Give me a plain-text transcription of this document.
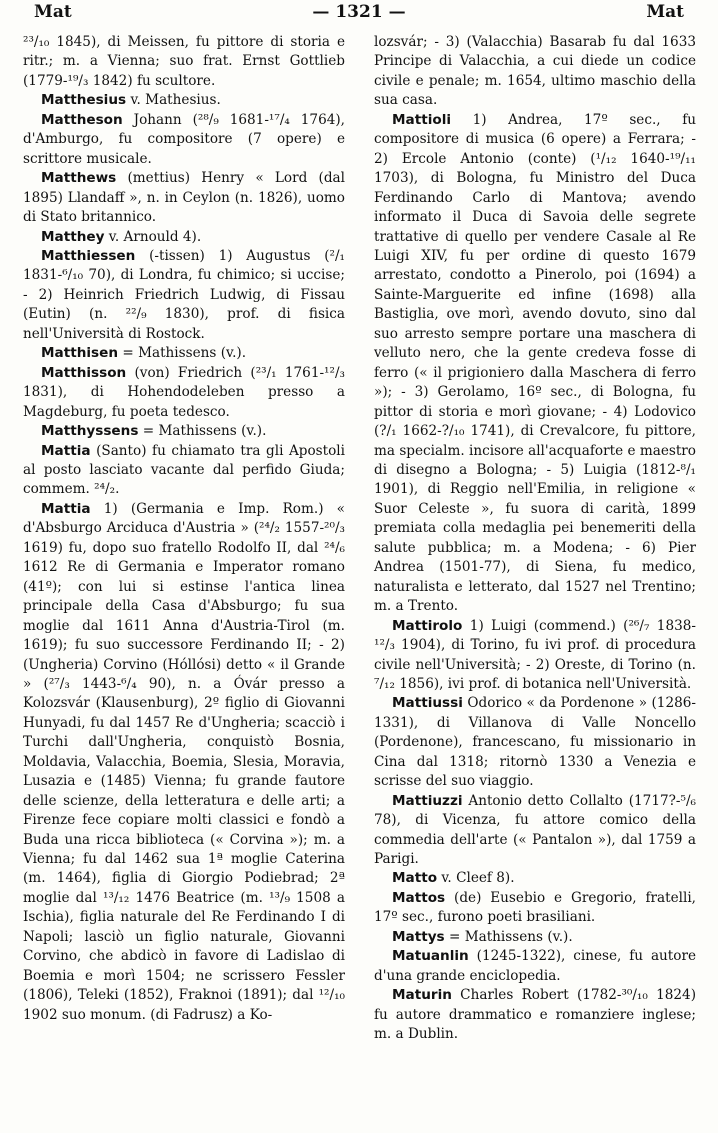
Mat	— 1321 —	Mat

²³/₁₀ 1845), di Meissen, fu pittore di storia e ritr.; m. a Vienna; suo frat. Ernst Gottlieb (1779-¹⁹/₃ 1842) fu scultore.

Matthesius v. Mathesius.

Mattheson Johann (²⁸/₉ 1681-¹⁷/₄ 1764), d'Amburgo, fu compositore (7 opere) e scrittore musicale.

Matthews (mettius) Henry « Lord (dal 1895) Llandaff », n. in Ceylon (n. 1826), uomo di Stato britannico.

Matthey v. Arnould 4).

Matthiessen (-tissen) 1) Augustus (²/₁ 1831-⁶/₁₀ 70), di Londra, fu chimico; si uccise; - 2) Heinrich Friedrich Ludwig, di Fissau (Eutin) (n. ²²/₉ 1830), prof. di fisica nell'Università di Rostock.

Matthisen = Mathissens (v.).

Matthisson (von) Friedrich (²³/₁ 1761-¹²/₃ 1831), di Hohendodeleben presso a Magdeburg, fu poeta tedesco.

Matthyssens = Mathissens (v.).

Mattia (Santo) fu chiamato tra gli Apostoli al posto lasciato vacante dal perfido Giuda; commem. ²⁴/₂.

Mattia 1) (Germania e Imp. Rom.) « d'Absburgo Arciduca d'Austria » (²⁴/₂ 1557-²⁰/₃ 1619) fu, dopo suo fratello Rodolfo II, dal ²⁴/₆ 1612 Re di Germania e Imperator romano (41º); con lui si estinse l'antica linea principale della Casa d'Absburgo; fu sua moglie dal 1611 Anna d'Austria-Tirol (m. 1619); fu suo successore Ferdinando II; - 2) (Ungheria) Corvino (Hóllósi) detto « il Grande » (²⁷/₃ 1443-⁶/₄ 90), n. a Óvár presso a Kolozsvár (Klausenburg), 2º figlio di Giovanni Hunyadi, fu dal 1457 Re d'Ungheria; scacciò i Turchi dall'Ungheria, conquistò Bosnia, Moldavia, Valacchia, Boemia, Slesia, Moravia, Lusazia e (1485) Vienna; fu grande fautore delle scienze, della letteratura e delle arti; a Firenze fece copiare molti classici e fondò a Buda una ricca biblioteca (« Corvina »); m. a Vienna; fu dal 1462 sua 1ª moglie Caterina (m. 1464), figlia di Giorgio Podiebrad; 2ª moglie dal ¹³/₁₂ 1476 Beatrice (m. ¹³/₉ 1508 a Ischia), figlia naturale del Re Ferdinando I di Napoli; lasciò un figlio naturale, Giovanni Corvino, che abdicò in favore di Ladislao di Boemia e morì 1504; ne scrissero Fessler (1806), Teleki (1852), Fraknoi (1891); dal ¹²/₁₀ 1902 suo monum. (di Fadrusz) a Ko-

lozsvár; - 3) (Valacchia) Basarab fu dal 1633 Principe di Valacchia, a cui diede un codice civile e penale; m. 1654, ultimo maschio della sua casa.

Mattioli 1) Andrea, 17º sec., fu compositore di musica (6 opere) a Ferrara; - 2) Ercole Antonio (conte) (¹/₁₂ 1640-¹⁹/₁₁ 1703), di Bologna, fu Ministro del Duca Ferdinando Carlo di Mantova; avendo informato il Duca di Savoia delle segrete trattative di quello per vendere Casale al Re Luigi XIV, fu per ordine di questo 1679 arrestato, condotto a Pinerolo, poi (1694) a Sainte-Marguerite ed infine (1698) alla Bastiglia, ove morì, avendo dovuto, sino dal suo arresto sempre portare una maschera di velluto nero, che la gente credeva fosse di ferro (« il prigioniero dalla Maschera di ferro »); - 3) Gerolamo, 16º sec., di Bologna, fu pittor di storia e morì giovane; - 4) Lodovico (?/₁ 1662-?/₁₀ 1741), di Crevalcore, fu pittore, ma specialm. incisore all'acquaforte e maestro di disegno a Bologna; - 5) Luigia (1812-⁸/₁ 1901), di Reggio nell'Emilia, in religione « Suor Celeste », fu suora di carità, 1899 premiata colla medaglia pei benemeriti della salute pubblica; m. a Modena; - 6) Pier Andrea (1501-77), di Siena, fu medico, naturalista e letterato, dal 1527 nel Trentino; m. a Trento.

Mattirolo 1) Luigi (commend.) (²⁶/₇ 1838-¹²/₃ 1904), di Torino, fu ivi prof. di procedura civile nell'Università; - 2) Oreste, di Torino (n. ⁷/₁₂ 1856), ivi prof. di botanica nell'Università.

Mattiussi Odorico « da Pordenone » (1286-1331), di Villanova di Valle Noncello (Pordenone), francescano, fu missionario in Cina dal 1318; ritornò 1330 a Venezia e scrisse del suo viaggio.

Mattiuzzi Antonio detto Collalto (1717?-⁵/₆ 78), di Vicenza, fu attore comico della commedia dell'arte (« Pantalon »), dal 1759 a Parigi.

Matto v. Cleef 8).

Mattos (de) Eusebio e Gregorio, fratelli, 17º sec., furono poeti brasiliani.

Mattys = Mathissens (v.).

Matuanlin (1245-1322), cinese, fu autore d'una grande enciclopedia.

Maturin Charles Robert (1782-³⁰/₁₀ 1824) fu autore drammatico e romanziere inglese; m. a Dublin.
